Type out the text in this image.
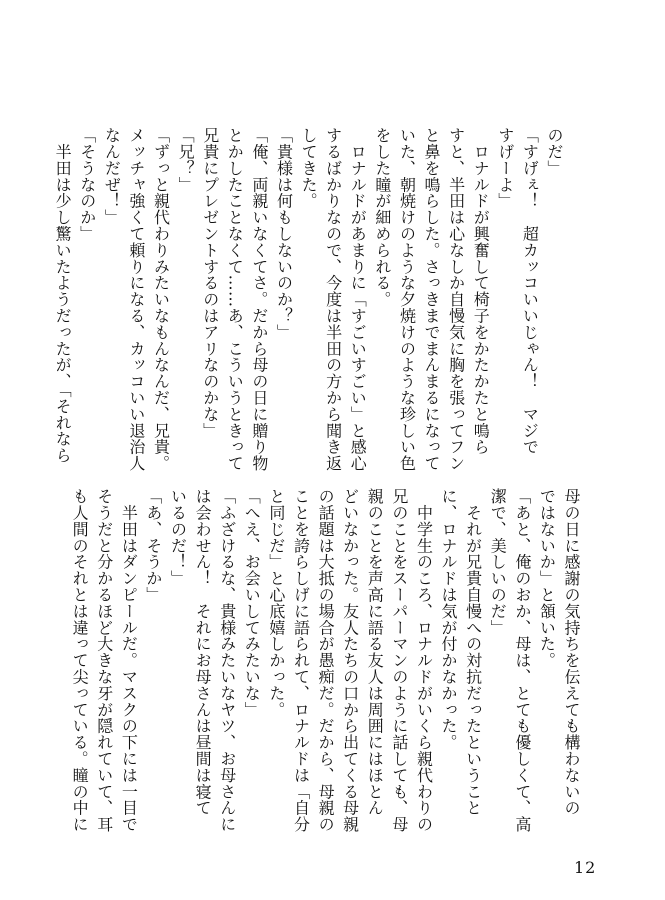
のだ」
「すげぇ！　超カッコいいじゃん！　マジで
すげーよ」
　ロナルドが興奮して椅子をかたかたと鳴ら
すと、半田は心なしか自慢気に胸を張ってフン
と鼻を鳴らした。さっきまでまんまるになって
いた、朝焼けのような夕焼けのような珍しい色
をした瞳が細められる。
　ロナルドがあまりに「すごいすごい」と感心
するばかりなので、今度は半田の方から聞き返
してきた。
「貴様は何もしないのか？」
「俺、両親いなくてさ。だから母の日に贈り物
とかしたことなくて……あ、こういうときって
兄貴にプレゼントするのはアリなのかな」
「兄？」
「ずっと親代わりみたいなもんなんだ、兄貴。
メッチャ強くて頼りになる、カッコいい退治人
なんだぜ！」
「そうなのか」
　半田は少し驚いたようだったが、「それなら
母の日に感謝の気持ちを伝えても構わないの
ではないか」と頷いた。
「あと、俺のおか、母は、とても優しくて、高
潔で、美しいのだ」
　それが兄貴自慢への対抗だったということ
に、ロナルドは気が付かなかった。
　中学生のころ、ロナルドがいくら親代わりの
兄のことをスーパーマンのように話しても、母
親のことを声高に語る友人は周囲にはほとん
どいなかった。友人たちの口から出てくる母親
の話題は大抵の場合が愚痴だ。だから、母親の
ことを誇らしげに語られて、ロナルドは「自分
と同じだ」と心底嬉しかった。
「へえ、お会いしてみたいな」
「ふざけるな、貴様みたいなヤツ、お母さんに
は会わせん！　それにお母さんは昼間は寝て
いるのだ！」
「あ、そうか」
　半田はダンピールだ。マスクの下には一目で
そうだと分かるほど大きな牙が隠れていて、耳
も人間のそれとは違って尖っている。瞳の中に
12
